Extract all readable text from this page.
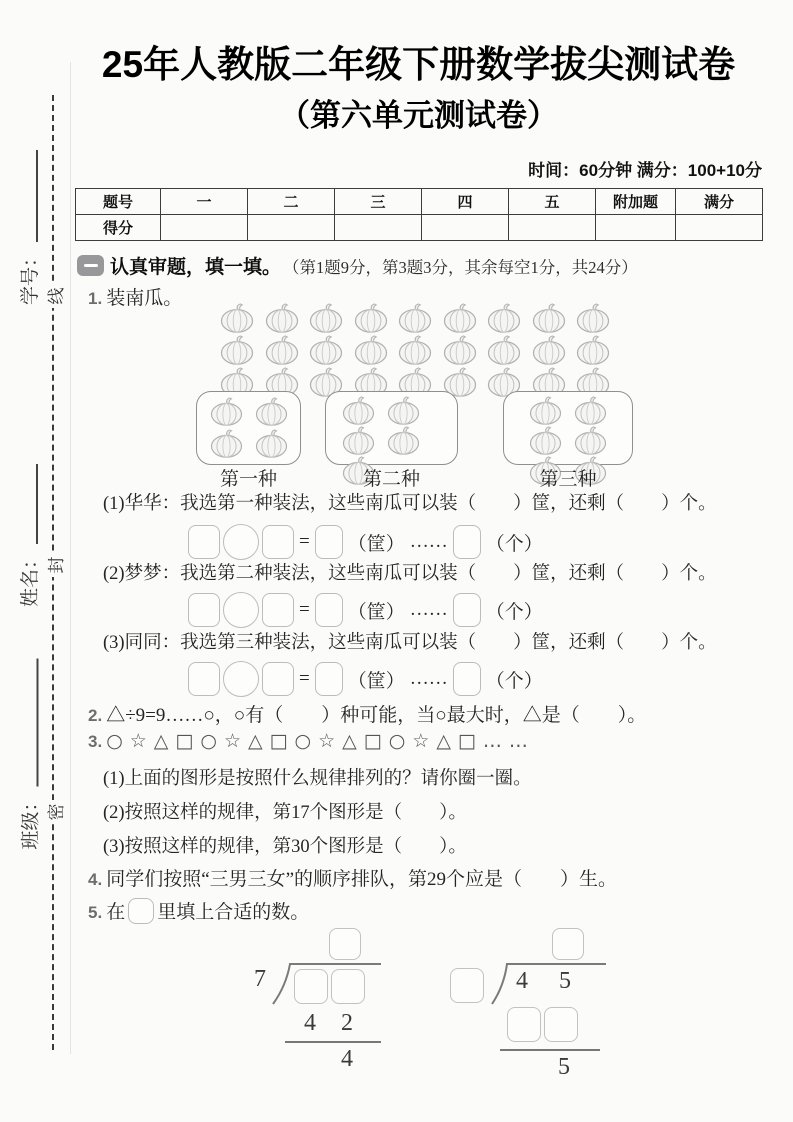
学号：
姓名：
班级：
线
封
密
25年人教版二年级下册数学拔尖测试卷
（第六单元测试卷）
时间：60分钟 满分：100+10分
题号	一	二	三	四	五	附加题	满分
得分							
认真审题，填一填。 （第1题9分，第3题3分，其余每空1分，共24分）
1. 装南瓜。
第一种	第二种	第三种
(1)华华：我选第一种装法，这些南瓜可以装（　　）筐，还剩（　　）个。
= （筐） …… （个）
(2)梦梦：我选第二种装法，这些南瓜可以装（　　）筐，还剩（　　）个。
= （筐） …… （个）
(3)同同：我选第三种装法，这些南瓜可以装（　　）筐，还剩（　　）个。
= （筐） …… （个）
2. △÷9=9……○，○有（　　）种可能，当○最大时，△是（　　）。
3. ○☆△□○☆△□○☆△□○☆△□……
(1)上面的图形是按照什么规律排列的？请你圈一圈。
(2)按照这样的规律，第17个图形是（　　）。
(3)按照这样的规律，第30个图形是（　　）。
4. 同学们按照“三男三女”的顺序排队，第29个应是（　　）生。
5. 在 里填上合适的数。
7
4	2
4
4	5
5
